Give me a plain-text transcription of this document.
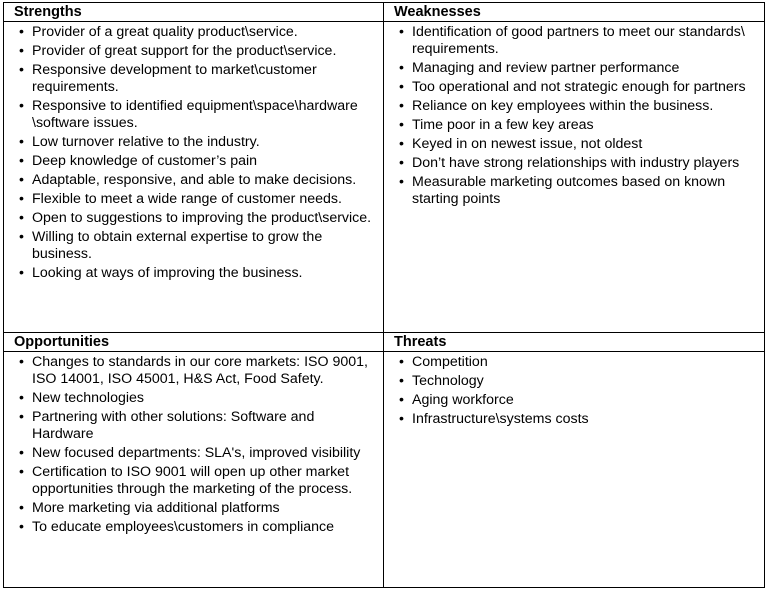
Strengths
• Provider of a great quality product\service.
• Provider of great support for the product\service.
• Responsive development to market\customer requirements.
• Responsive to identified equipment\space\hardware \software issues.
• Low turnover relative to the industry.
• Deep knowledge of customer’s pain
• Adaptable, responsive, and able to make decisions.
• Flexible to meet a wide range of customer needs.
• Open to suggestions to improving the product\service.
• Willing to obtain external expertise to grow the business.
• Looking at ways of improving the business.
Weaknesses
• Identification of good partners to meet our standards\ requirements.
• Managing and review partner performance
• Too operational and not strategic enough for partners
• Reliance on key employees within the business.
• Time poor in a few key areas
• Keyed in on newest issue, not oldest
• Don’t have strong relationships with industry players
• Measurable marketing outcomes based on known starting points
Opportunities
• Changes to standards in our core markets: ISO 9001, ISO 14001, ISO 45001, H&S Act, Food Safety.
• New technologies
• Partnering with other solutions: Software and Hardware
• New focused departments: SLA's, improved visibility
• Certification to ISO 9001 will open up other market opportunities through the marketing of the process.
• More marketing via additional platforms
• To educate employees\customers in compliance
Threats
• Competition
• Technology
• Aging workforce
• Infrastructure\systems costs
